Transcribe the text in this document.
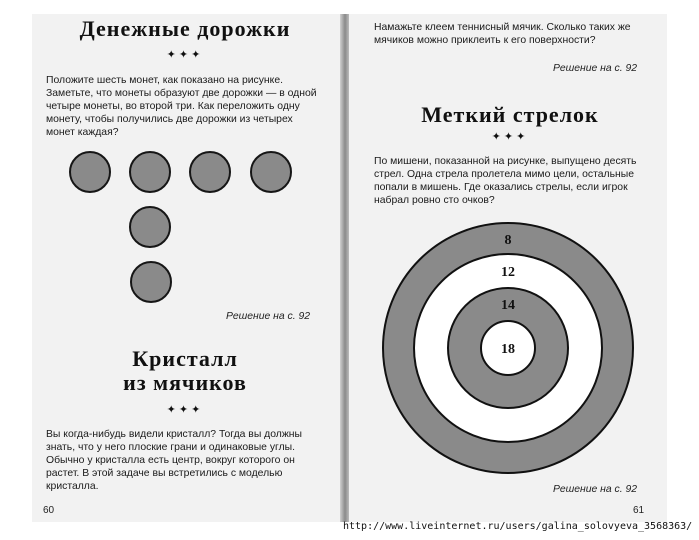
Денежные дорожки
✦✦✦

Положите шесть монет, как показано на рисунке. Заметьте, что монеты образуют две дорожки — в одной четыре монеты, во второй три. Как переложить одну монету, чтобы получились две дорожки из четырех монет каждая?

Решение на с. 92
Кристалл
из мячиков
✦✦✦

Вы когда-нибудь видели кристалл? Тогда вы должны знать, что у него плоские грани и одинаковые углы. Обычно у кристалла есть центр, вокруг которого он растет. В этой задаче вы встретились с моделью кристалла.

60

Намажьте клеем теннисный мячик. Сколько таких же мячиков можно приклеить к его поверхности?

Решение на с. 92
Меткий стрелок
✦✦✦

По мишени, показанной на рисунке, выпущено десять стрел. Одна стрела пролетела мимо цели, остальные попали в мишень. Где оказались стрелы, если игрок набрал ровно сто очков?

8
12
14
18
Решение на с. 92
61
http://www.liveinternet.ru/users/galina_solovyeva_3568363/
